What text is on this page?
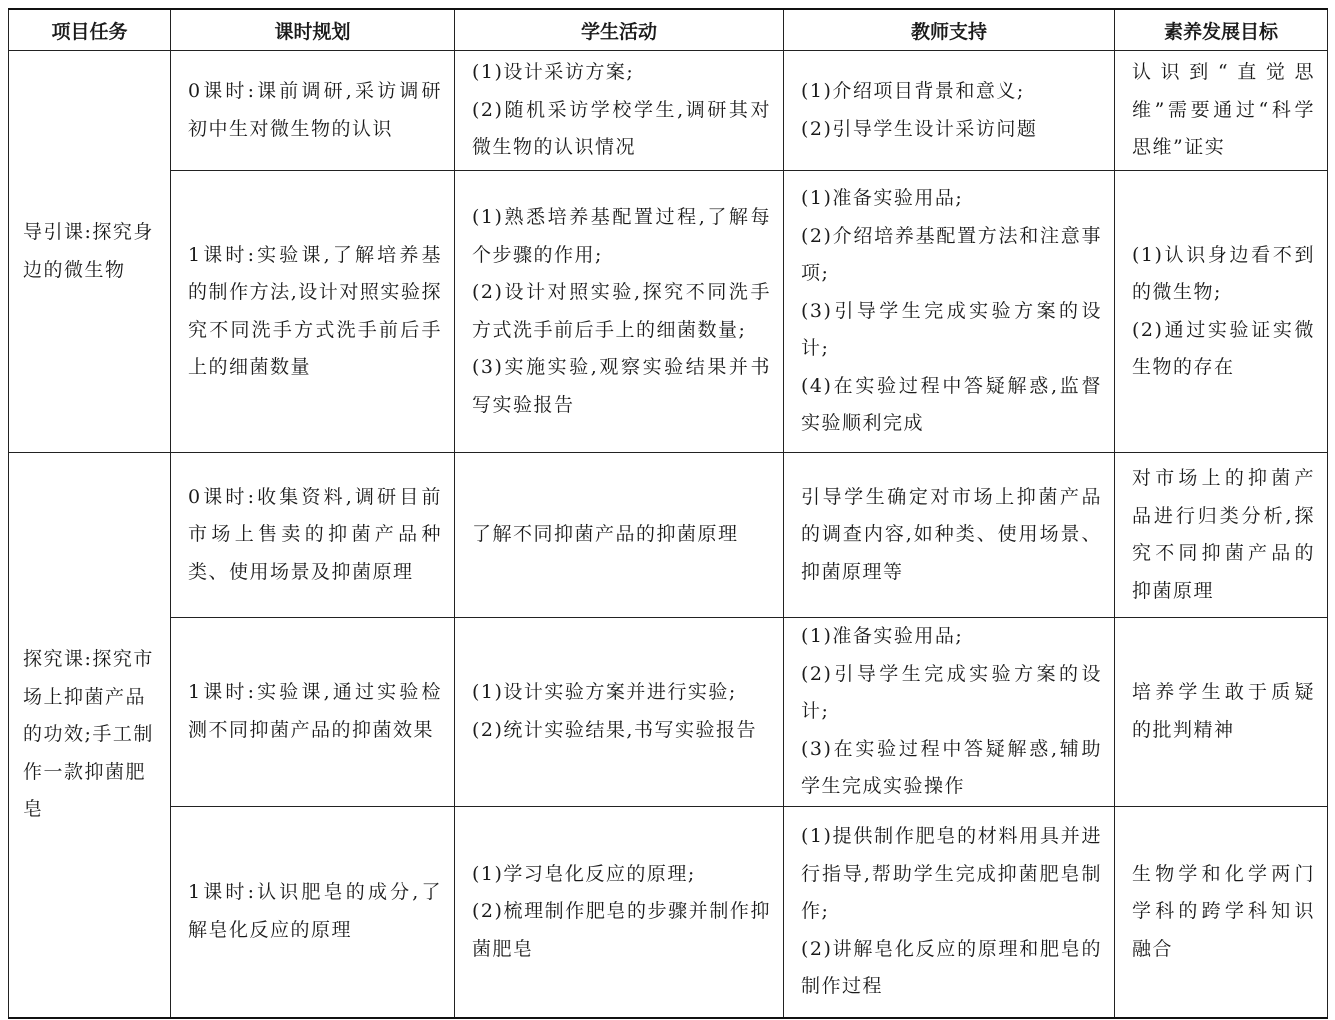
项目任务	课时规划	学生活动	教师支持	素养发展目标
导引课:探究身边的微生物	0课时:课前调研,采访调研初中生对微生物的认识	(1)设计采访方案;
(2)随机采访学校学生,调研其对微生物的认识情况	(1)介绍项目背景和意义;
(2)引导学生设计采访问题	认识到“直觉思维”需要通过“科学思维”证实

	1课时:实验课,了解培养基的制作方法,设计对照实验探究不同洗手方式洗手前后手上的细菌数量	(1)熟悉培养基配置过程,了解每个步骤的作用;
(2)设计对照实验,探究不同洗手方式洗手前后手上的细菌数量;
(3)实施实验,观察实验结果并书写实验报告	(1)准备实验用品;
(2)介绍培养基配置方法和注意事项;
(3)引导学生完成实验方案的设计;
(4)在实验过程中答疑解惑,监督实验顺利完成	(1)认识身边看不到的微生物;
(2)通过实验证实微生物的存在

探究课:探究市场上抑菌产品的功效;手工制作一款抑菌肥皂	0课时:收集资料,调研目前市场上售卖的抑菌产品种类、使用场景及抑菌原理	了解不同抑菌产品的抑菌原理	引导学生确定对市场上抑菌产品的调查内容,如种类、使用场景、抑菌原理等	对市场上的抑菌产品进行归类分析,探究不同抑菌产品的抑菌原理

	1课时:实验课,通过实验检测不同抑菌产品的抑菌效果	(1)设计实验方案并进行实验;
(2)统计实验结果,书写实验报告	(1)准备实验用品;
(2)引导学生完成实验方案的设计;
(3)在实验过程中答疑解惑,辅助学生完成实验操作	培养学生敢于质疑的批判精神

	1课时:认识肥皂的成分,了解皂化反应的原理	(1)学习皂化反应的原理;
(2)梳理制作肥皂的步骤并制作抑菌肥皂	(1)提供制作肥皂的材料用具并进行指导,帮助学生完成抑菌肥皂制作;
(2)讲解皂化反应的原理和肥皂的制作过程	生物学和化学两门学科的跨学科知识融合
